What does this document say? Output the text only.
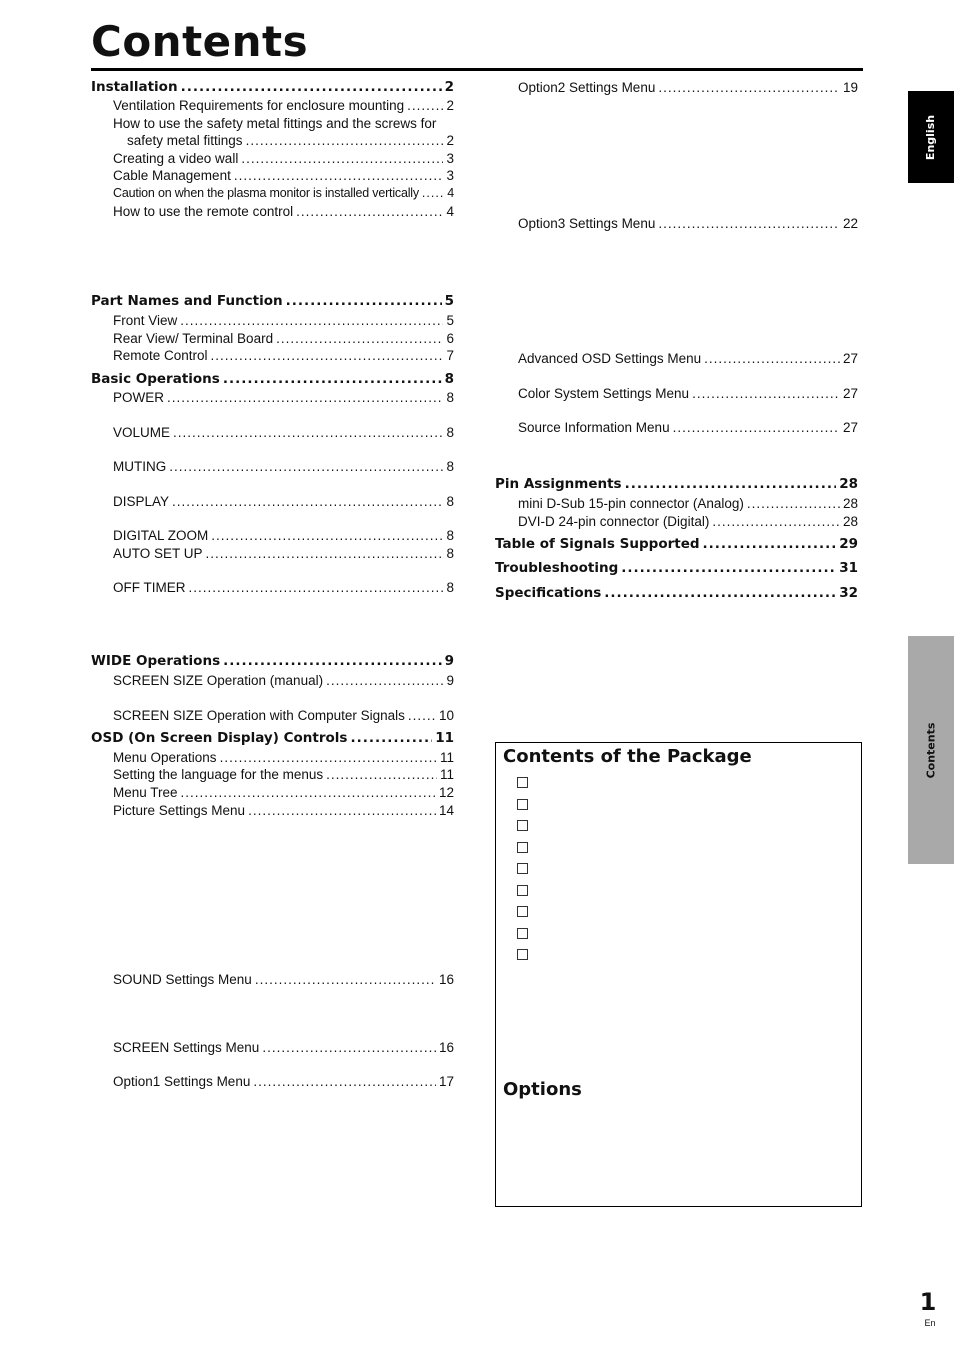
Contents
English
Contents
Installation .....	2
Ventilation Requirements for enclosure mounting .....	2
How to use the safety metal fittings and the screws for
safety metal fittings .....	2
Creating a video wall .....	3
Cable Management .....	3
Caution on when the plasma monitor is installed vertically ..... 4
How to use the remote control .....	4
Part Names and Function .....	5
Front View .....	5
Rear View/ Terminal Board .....	6
Remote Control .....	7
Basic Operations .....	8
POWER .....	8
VOLUME .....	8
MUTING .....	8
DISPLAY .....	8
DIGITAL ZOOM .....	8
AUTO SET UP .....	8
OFF TIMER .....	8
WIDE Operations .....	9
SCREEN SIZE Operation (manual) .....	9
SCREEN SIZE Operation with Computer Signals .....	10
OSD (On Screen Display) Controls .....	11
Menu Operations .....	11
Setting the language for the menus .....	11
Menu Tree .....	12
Picture Settings Menu .....	14
SOUND Settings Menu .....	16
SCREEN Settings Menu .....	16
Option1 Settings Menu .....	17
Option2 Settings Menu .....	19
Option3 Settings Menu .....	22
Advanced OSD Settings Menu .....	27
Color System Settings Menu .....	27
Source Information Menu .....	27
Pin Assignments .....	28
mini D-Sub 15-pin connector (Analog) .....	28
DVI-D 24-pin connector (Digital) .....	28
Table of Signals Supported .....	29
Troubleshooting .....	31
Specifications .....	32
Contents of the Package
Options
1
En
